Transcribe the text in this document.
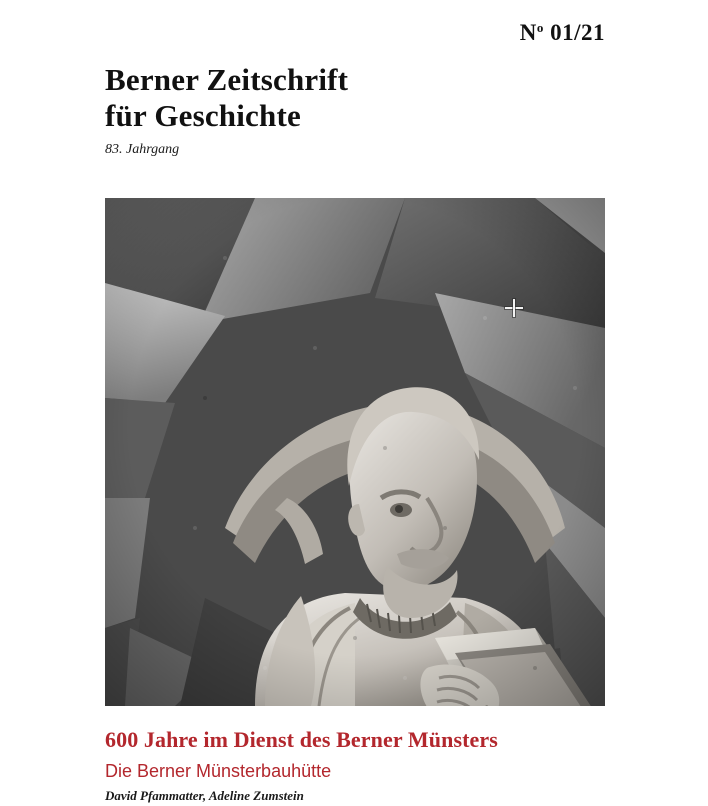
$N^o$ 01/21
Berner Zeitschrift
für Geschichte
83. Jahrgang
600 Jahre im Dienst des Berner Münsters
Die Berner Münsterbauhütte
David Pfammatter, Adeline Zumstein
